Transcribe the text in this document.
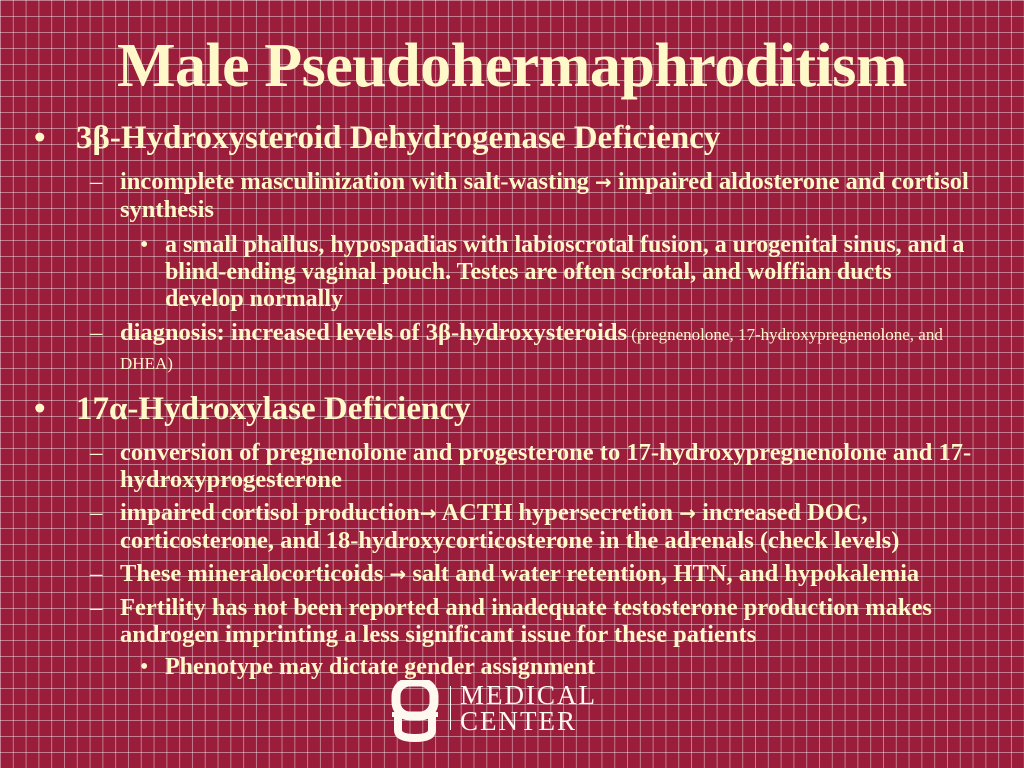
Male Pseudohermaphroditism
• 3β-Hydroxysteroid Dehydrogenase Deficiency
– incomplete masculinization with salt-wasting → impaired aldosterone and cortisol synthesis
• a small phallus, hypospadias with labioscrotal fusion, a urogenital sinus, and a blind-ending vaginal pouch. Testes are often scrotal, and wolffian ducts develop normally
– diagnosis: increased levels of 3β-hydroxysteroids (pregnenolone, 17-hydroxypregnenolone, and DHEA)
• 17α-Hydroxylase Deficiency
– conversion of pregnenolone and progesterone to 17-hydroxypregnenolone and 17-hydroxyprogesterone
– impaired cortisol production→ ACTH hypersecretion → increased DOC, corticosterone, and 18-hydroxycorticosterone in the adrenals (check levels)
– These mineralocorticoids → salt and water retention, HTN, and hypokalemia
– Fertility has not been reported and inadequate testosterone production makes androgen imprinting a less significant issue for these patients
• Phenotype may dictate gender assignment
MEDICAL
CENTER
